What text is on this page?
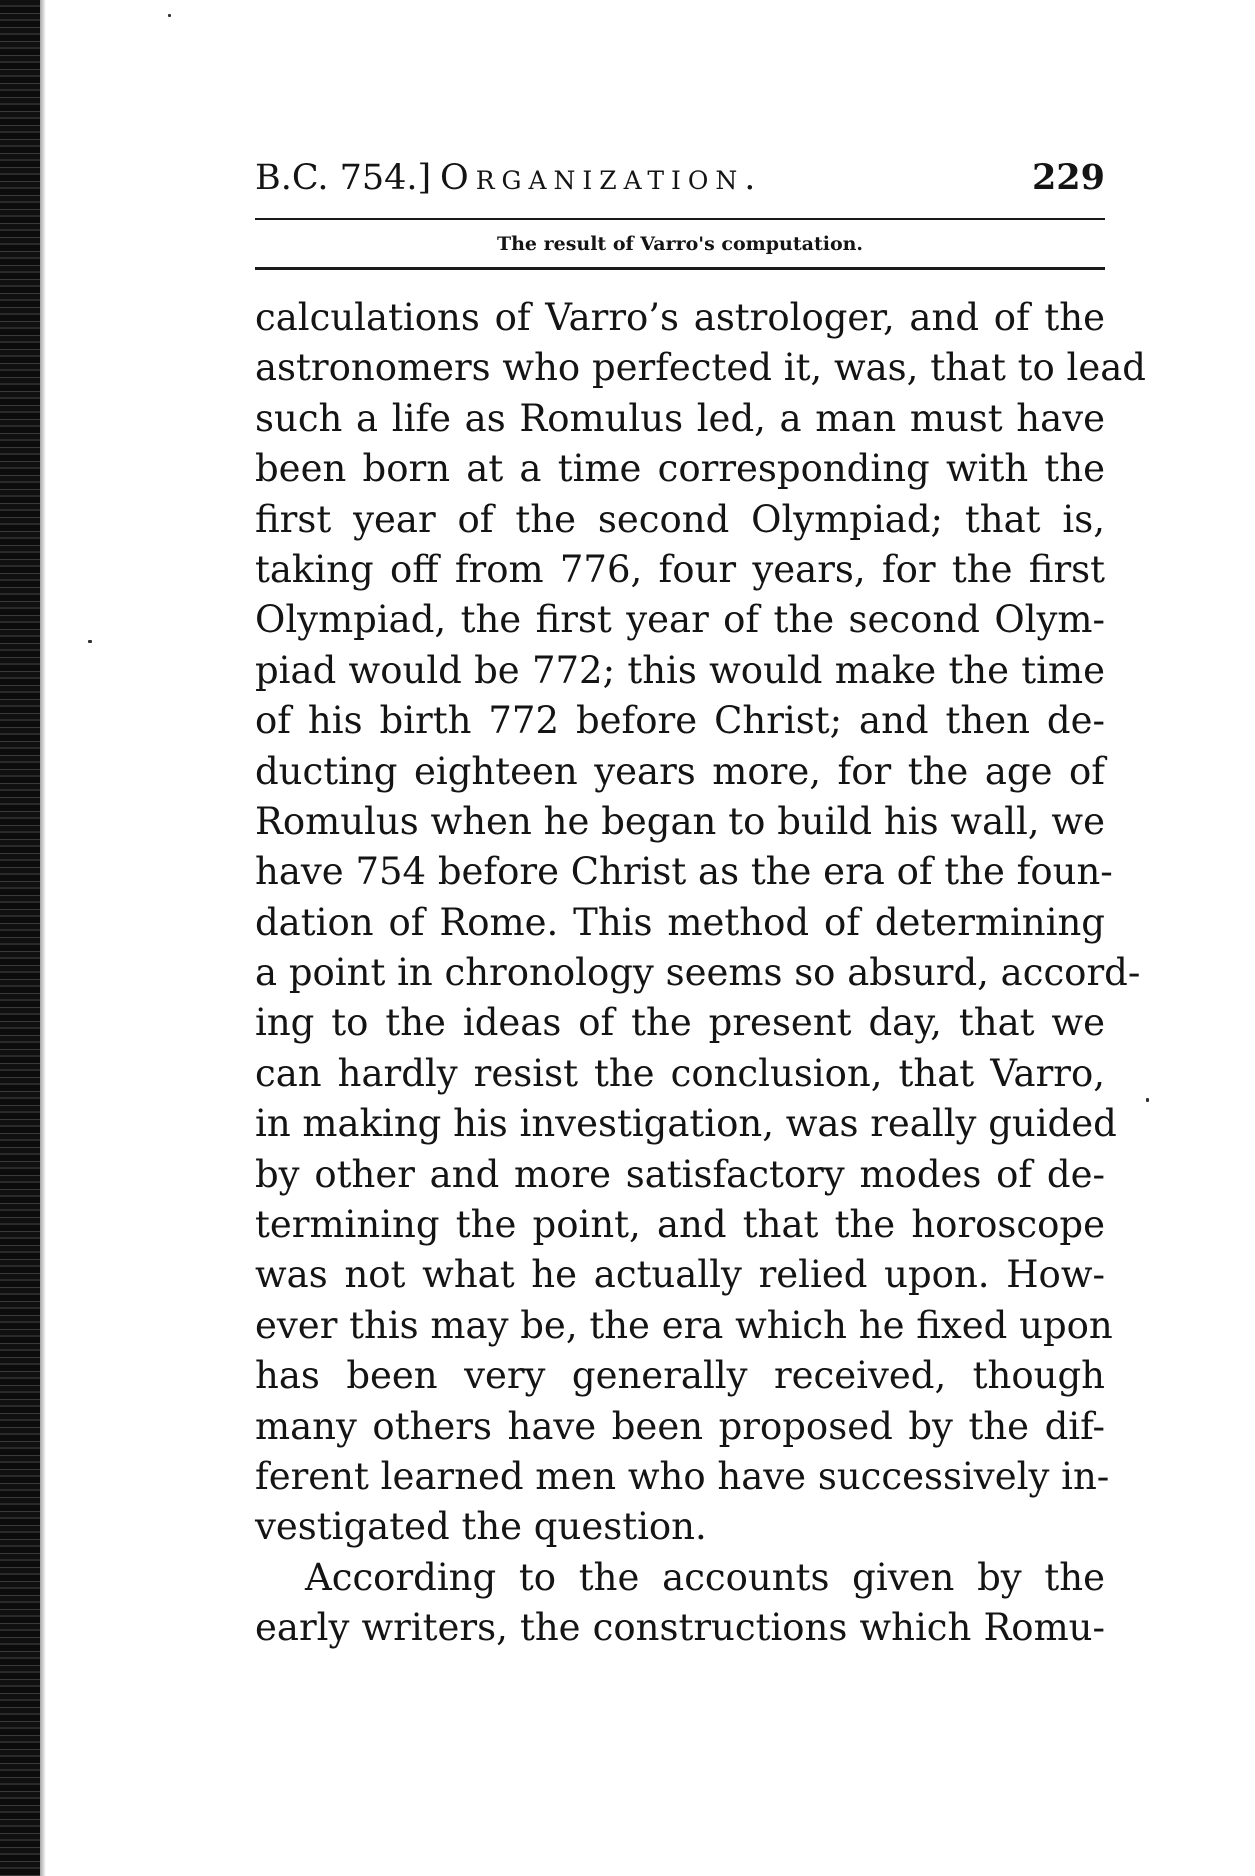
B.C. 754.] Organization.	229
The result of Varro's computation.
calculations of Varro’s astrologer, and of the
astronomers who perfected it, was, that to lead
such a life as Romulus led, a man must have
been born at a time corresponding with the
first year of the second Olympiad; that is,
taking off from 776, four years, for the first
Olympiad, the first year of the second Olym-
piad would be 772; this would make the time
of his birth 772 before Christ; and then de-
ducting eighteen years more, for the age of
Romulus when he began to build his wall, we
have 754 before Christ as the era of the foun-
dation of Rome. This method of determining
a point in chronology seems so absurd, accord-
ing to the ideas of the present day, that we
can hardly resist the conclusion, that Varro,
in making his investigation, was really guided
by other and more satisfactory modes of de-
termining the point, and that the horoscope
was not what he actually relied upon. How-
ever this may be, the era which he fixed upon
has been very generally received, though
many others have been proposed by the dif-
ferent learned men who have successively in-
vestigated the question.
According to the accounts given by the
early writers, the constructions which Romu-
